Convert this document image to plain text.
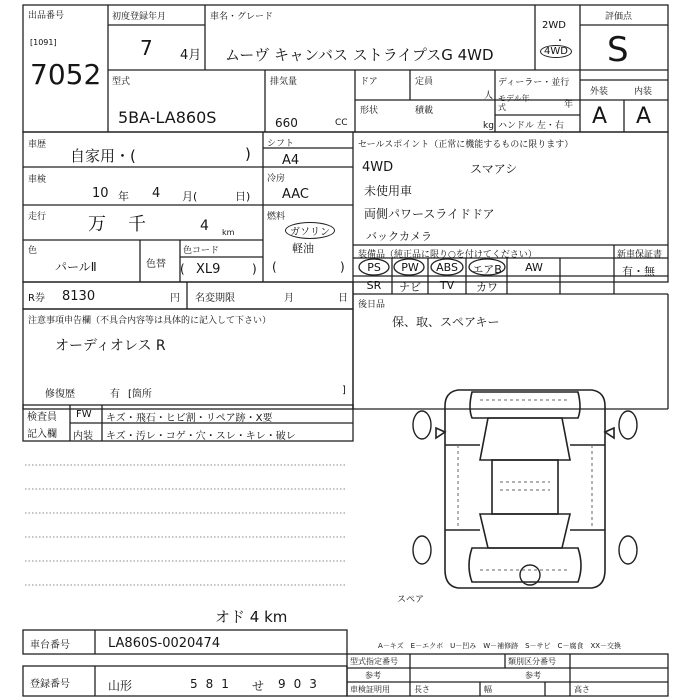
出品番号
[1091]
7052
初度登録年月
7 4月
車名・グレード
ムーヴ キャンバス ストライプスG 4WD
2WD
・
4WD
評価点
S
型式
5BA-LA860S
排気量
660	CC
ドア	定員
人
ディーラー・並行
モデル年式	年
形状	積載
kg ハンドル 左・右
外装	内装
A A
車歴
自家用・(	)
シフト
A4
冷房
AAC
燃料
ガソリン
軽油
(	)
車検
10 年 4 月(	日)
走行 万 千	4 km
色
パールⅡ	色替
色コード
( XL9	)
R券 8130	円 名変期限	月	日
注意事項申告欄（不具合内容等は具体的に記入して下さい）
オーディオレス R
修復歴	有 [箇所	]
検査員
記入欄
FW キズ・飛石・ヒビ割・リペア跡・X要
内装 キズ・汚レ・コゲ・穴・スレ・キレ・破レ
オド 4 km
セールスポイント（正常に機能するものに限ります）
4WD	スマアシ
未使用車
両側パワースライドドア
バックカメラ
装備品（純正品に限り○を付けてください）	新車保証書
有・無
PS	PW	ABS	エアB	AW
SR	ナビ	TV	カワ
後日品
保、取、スペアキー
スペア
車台番号	LA860S-0020474
登録番号	山形	581 せ 903
A－キズ　E－エクボ　U－凹み　W－補修跡　S－サビ　C－腐食　XX－交換
型式指定番号	類別区分番号
参考	参考
車検証明用	長さ	幅	高さ
